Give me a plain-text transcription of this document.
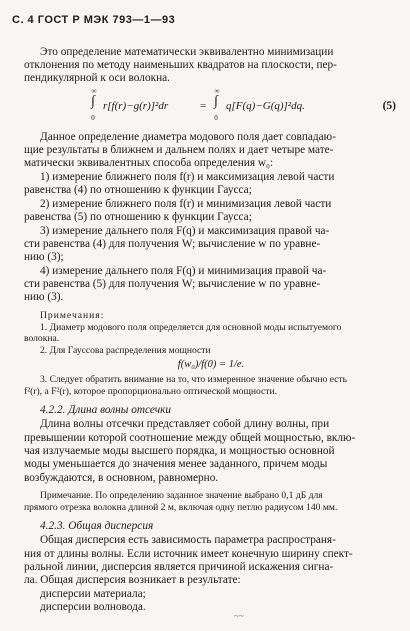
С. 4 ГОСТ Р МЭК 793—1—93
Это определение математически эквивалентно минимизации
отклонения по методу наименьших квадратов на плоскости, пер-
пендикулярной к оси волокна.
∞
∫
0
r[f(r)−g(r)]²dr	=
∞
∫
0
q[F(q)−G(q)]²dq.	(5)
Данное определение диаметра модового поля дает совпадаю-
щие результаты в ближнем и дальнем полях и дает четыре мате-
матически эквивалентных способа определения w₀:
1) измерение ближнего поля f(r) и максимизация левой части
равенства (4) по отношению к функции Гаусса;
2) измерение ближнего поля f(r) и минимизация левой части
равенства (5) по отношению к функции Гаусса;
3) измерение дальнего поля F(q) и максимизация правой ча-
сти равенства (4) для получения W; вычисление w по уравне-
нию (3);
4) измерение дальнего поля F(q) и минимизация правой ча-
сти равенства (5) для получения W; вычисление w по уравне-
нию (3).
Примечания:
1. Диаметр модового поля определяется для основной моды испытуемого
волокна.
2. Для Гауссова распределения мощности
f(w₀)/f(0) = 1/e.
3. Следует обратить внимание на то, что измеренное значение обычно есть
f²(r), а F²(r), которое пропорционально оптической мощности.
4.2.2. Длина волны отсечки
Длина волны отсечки представляет собой длину волны, при
превышении которой соотношение между общей мощностью, вклю-
чая излучаемые моды высшего порядка, и мощностью основной
моды уменьшается до значения менее заданного, причем моды
возбуждаются, в основном, равномерно.
Примечание. По определению заданное значение выбрано 0,1 дБ для
прямого отрезка волокна длиной 2 м, включая одну петлю радиусом 140 мм.
4.2.3. Общая дисперсия
Общая дисперсия есть зависимость параметра распространя-
ния от длины волны. Если источник имеет конечную ширину спект-
ральной линии, дисперсия является причиной искажения сигна-
ла. Общая дисперсия возникает в результате:
дисперсии материала;
дисперсии волновода.
~~
